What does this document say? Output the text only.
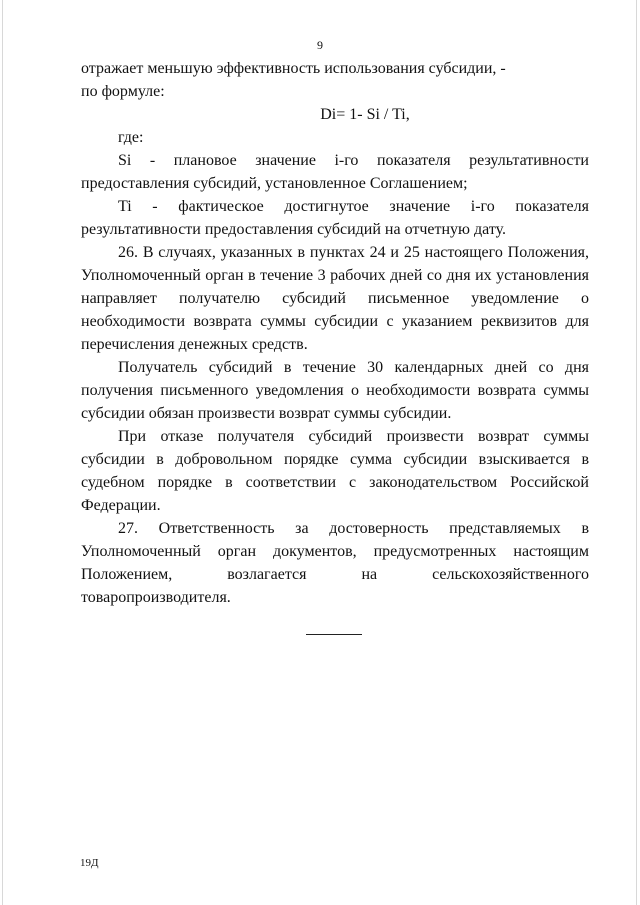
9

отражает меньшую эффективность использования субсидии, -

по формуле:

Di= 1- Si / Ti,

где:

Si - плановое значение i-го показателя результативности предоставления субсидий, установленное Соглашением;

Ti - фактическое достигнутое значение i-го показателя результативности предоставления субсидий на отчетную дату.

26. В случаях, указанных в пунктах 24 и 25 настоящего Положения, Уполномоченный орган в течение 3 рабочих дней со дня их установления направляет получателю субсидий письменное уведомление о необходимости возврата суммы субсидии с указанием реквизитов для перечисления денежных средств.

Получатель субсидий в течение 30 календарных дней со дня получения письменного уведомления о необходимости возврата суммы субсидии обязан произвести возврат суммы субсидии.

При отказе получателя субсидий произвести возврат суммы субсидии в добровольном порядке сумма субсидии взыскивается в судебном порядке в соответствии с законодательством Российской Федерации.

27. Ответственность за достоверность представляемых в Уполномоченный орган документов, предусмотренных настоящим Положением, возлагается на сельскохозяйственного товаропроизводителя.

19Д
